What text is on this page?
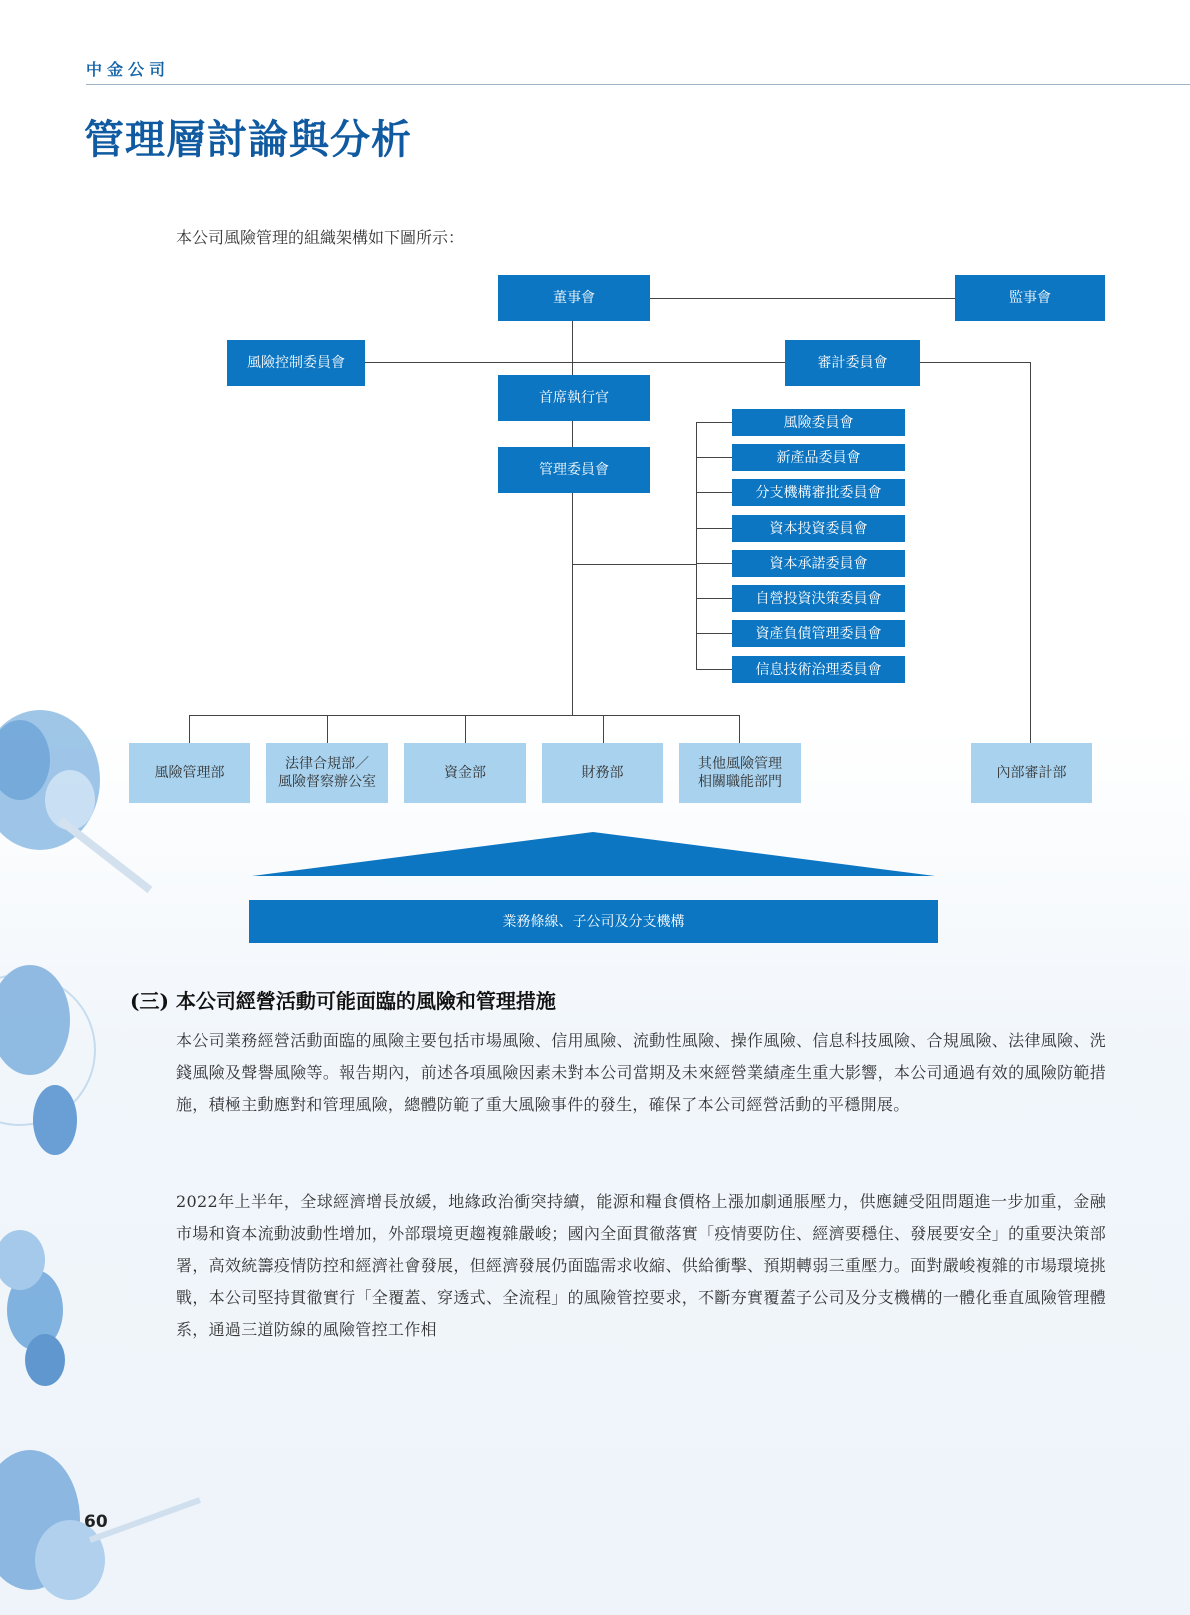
中金公司
管理層討論與分析
本公司風險管理的組織架構如下圖所示：
董事會	監事會
風險控制委員會	審計委員會
首席執行官
管理委員會
風險委員會
新產品委員會
分支機構審批委員會
資本投資委員會
資本承諾委員會
自營投資決策委員會
資產負債管理委員會
信息技術治理委員會
風險管理部
法律合規部／
風險督察辦公室
資金部	財務部
其他風險管理
相關職能部門
內部審計部
業務條線、子公司及分支機構
(三) 本公司經營活動可能面臨的風險和管理措施
本公司業務經營活動面臨的風險主要包括市場風險、信用風險、流動性風險、操作風險、信息科技風險、合規風險、法律風險、洗錢風險及聲譽風險等。報告期內，前述各項風險因素未對本公司當期及未來經營業績產生重大影響，本公司通過有效的風險防範措施，積極主動應對和管理風險，總體防範了重大風險事件的發生，確保了本公司經營活動的平穩開展。
2022年上半年，全球經濟增長放緩，地緣政治衝突持續，能源和糧食價格上漲加劇通脹壓力，供應鏈受阻問題進一步加重，金融市場和資本流動波動性增加，外部環境更趨複雜嚴峻；國內全面貫徹落實「疫情要防住、經濟要穩住、發展要安全」的重要決策部署，高效統籌疫情防控和經濟社會發展，但經濟發展仍面臨需求收縮、供給衝擊、預期轉弱三重壓力。面對嚴峻複雜的市場環境挑戰，本公司堅持貫徹實行「全覆蓋、穿透式、全流程」的風險管控要求，不斷夯實覆蓋子公司及分支機構的一體化垂直風險管理體系，通過三道防線的風險管控工作相
60
